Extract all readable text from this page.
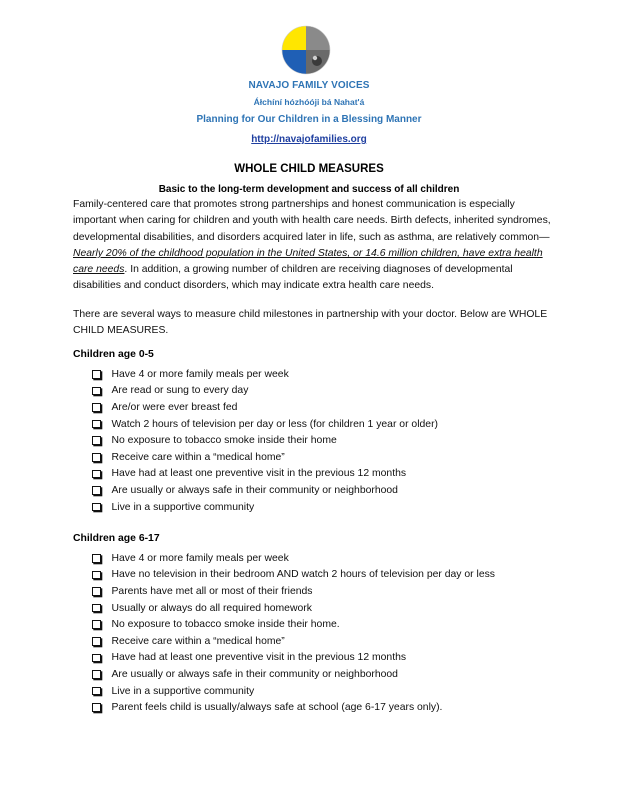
NAVAJO FAMILY VOICES
Áłchíní hózhóóji bá Nahat'á
Planning for Our Children in a Blessing Manner
http://navajofamilies.org
WHOLE CHILD MEASURES
Basic to the long-term development and success of all children

Family-centered care that promotes strong partnerships and honest communication is especially important when caring for children and youth with health care needs. Birth defects, inherited syndromes, developmental disabilities, and disorders acquired later in life, such as asthma, are relatively common—Nearly 20% of the childhood population in the United States, or 14.6 million children, have extra health care needs. In addition, a growing number of children are receiving diagnoses of developmental disabilities and conduct disorders, which may indicate extra health care needs.

There are several ways to measure child milestones in partnership with your doctor. Below are WHOLE CHILD MEASURES.

Children age 0-5
Have 4 or more family meals per week
Are read or sung to every day
Are/or were ever breast fed
Watch 2 hours of television per day or less (for children 1 year or older)
No exposure to tobacco smoke inside their home
Receive care within a “medical home”
Have had at least one preventive visit in the previous 12 months
Are usually or always safe in their community or neighborhood
Live in a supportive community
Children age 6-17
Have 4 or more family meals per week
Have no television in their bedroom AND watch 2 hours of television per day or less
Parents have met all or most of their friends
Usually or always do all required homework
No exposure to tobacco smoke inside their home.
Receive care within a “medical home”
Have had at least one preventive visit in the previous 12 months
Are usually or always safe in their community or neighborhood
Live in a supportive community
Parent feels child is usually/always safe at school (age 6-17 years only).
